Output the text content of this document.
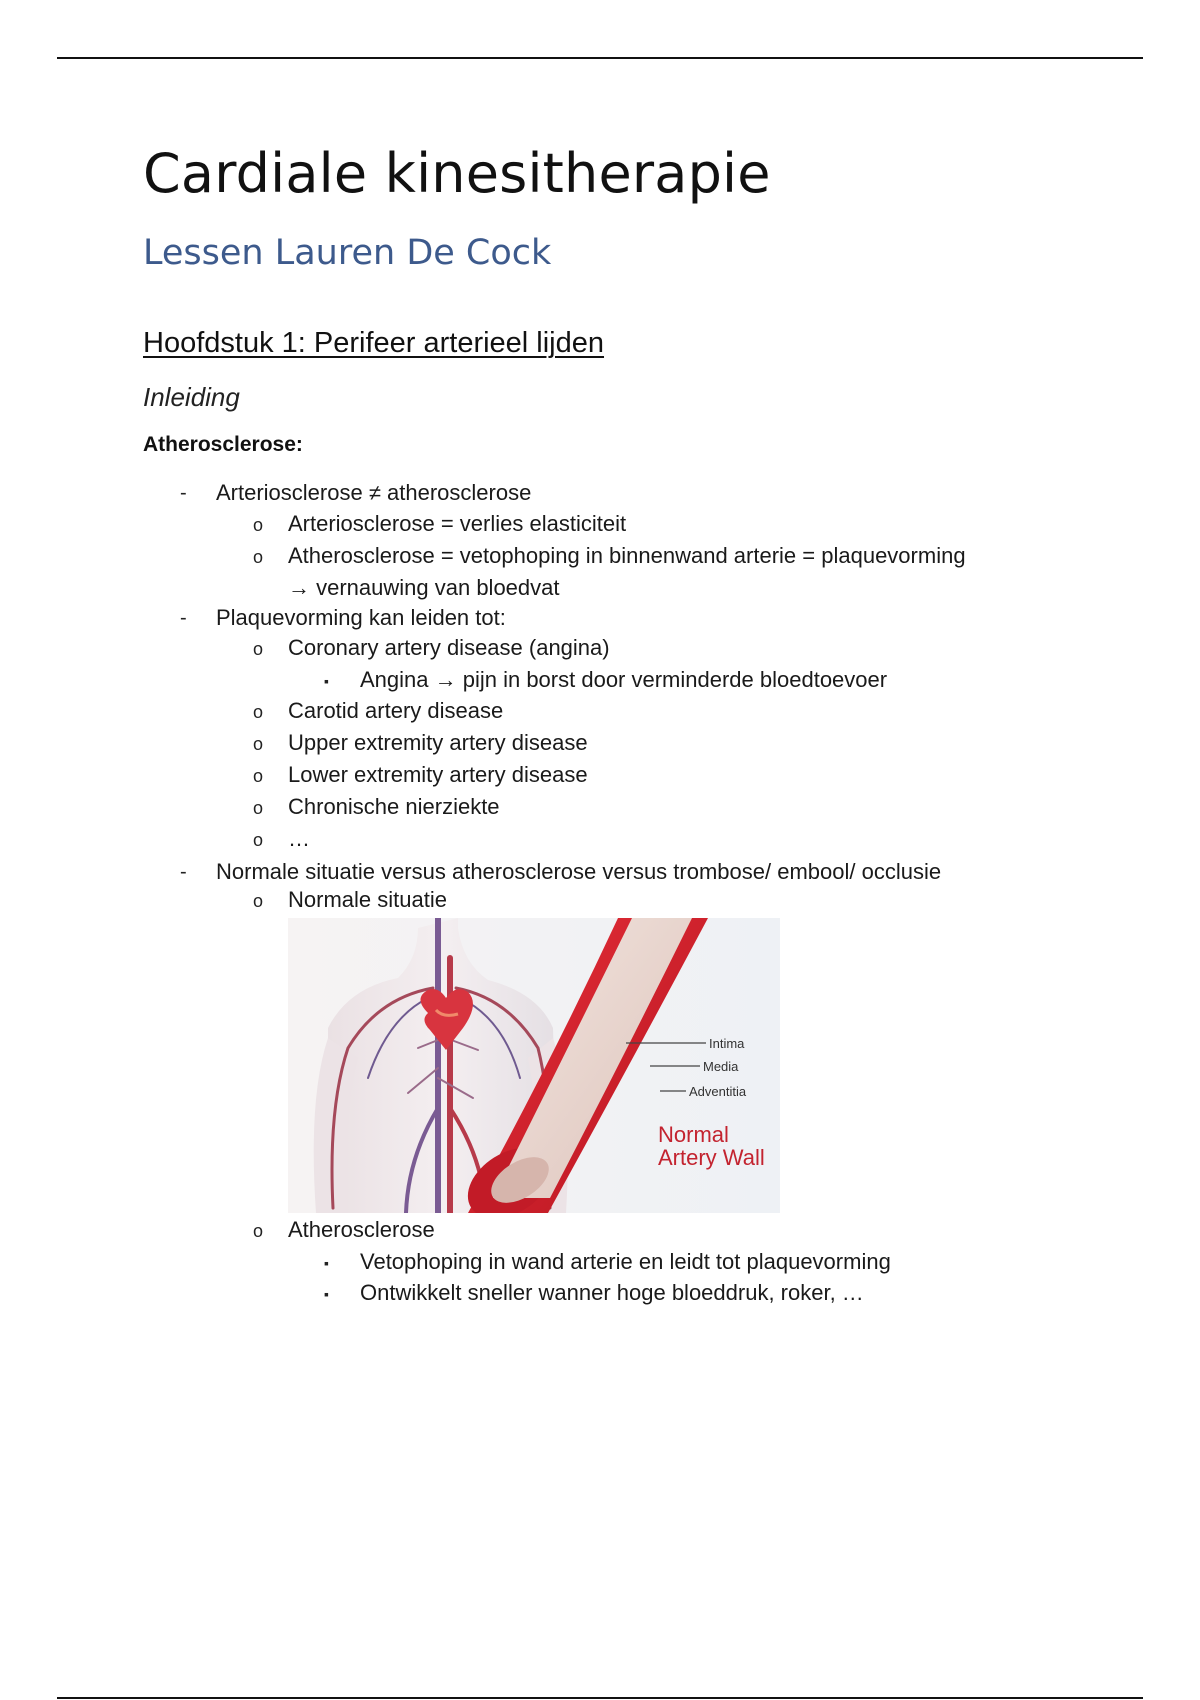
Cardiale kinesitherapie
Lessen Lauren De Cock
Hoofdstuk 1: Perifeer arterieel lijden
Inleiding
Atherosclerose:
- Arteriosclerose ≠ atherosclerose
o Arteriosclerose = verlies elasticiteit
o Atherosclerose = vetophoping in binnenwand arterie = plaquevorming
→ vernauwing van bloedvat
- Plaquevorming kan leiden tot:
o Coronary artery disease (angina)
▪ Angina → pijn in borst door verminderde bloedtoevoer
o Carotid artery disease
o Upper extremity artery disease
o Lower extremity artery disease
o Chronische nierziekte
o …
- Normale situatie versus atherosclerose versus trombose/ embool/ occlusie
o Normale situatie
Intima
Media
Adventitia
Normal
Artery Wall
o Atherosclerose
▪ Vetophoping in wand arterie en leidt tot plaquevorming
▪ Ontwikkelt sneller wanner hoge bloeddruk, roker, …
